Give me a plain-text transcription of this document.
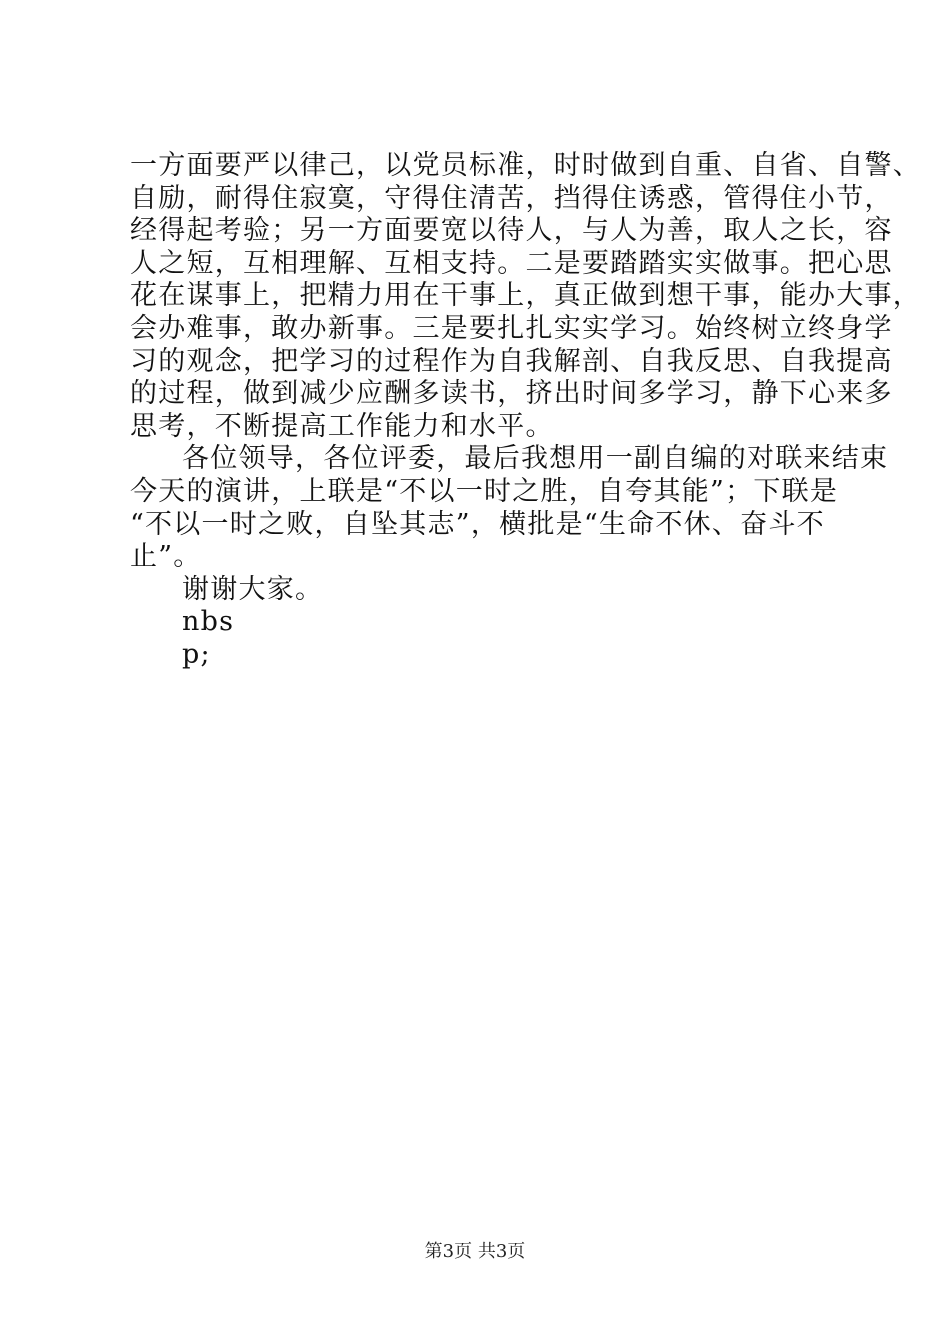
一方面要严以律己，以党员标准，时时做到自重、自省、自警、
自励，耐得住寂寞，守得住清苦，挡得住诱惑，管得住小节，
经得起考验；另一方面要宽以待人，与人为善，取人之长，容
人之短，互相理解、互相支持。二是要踏踏实实做事。把心思
花在谋事上，把精力用在干事上，真正做到想干事，能办大事，
会办难事，敢办新事。三是要扎扎实实学习。始终树立终身学
习的观念，把学习的过程作为自我解剖、自我反思、自我提高
的过程，做到减少应酬多读书，挤出时间多学习，静下心来多
思考，不断提高工作能力和水平。
各位领导，各位评委，最后我想用一副自编的对联来结束
今天的演讲，上联是“不以一时之胜，自夸其能”；下联是
“不以一时之败，自坠其志”，横批是“生命不休、奋斗不
止”。
谢谢大家。
nbs
p;
第3页 共3页
